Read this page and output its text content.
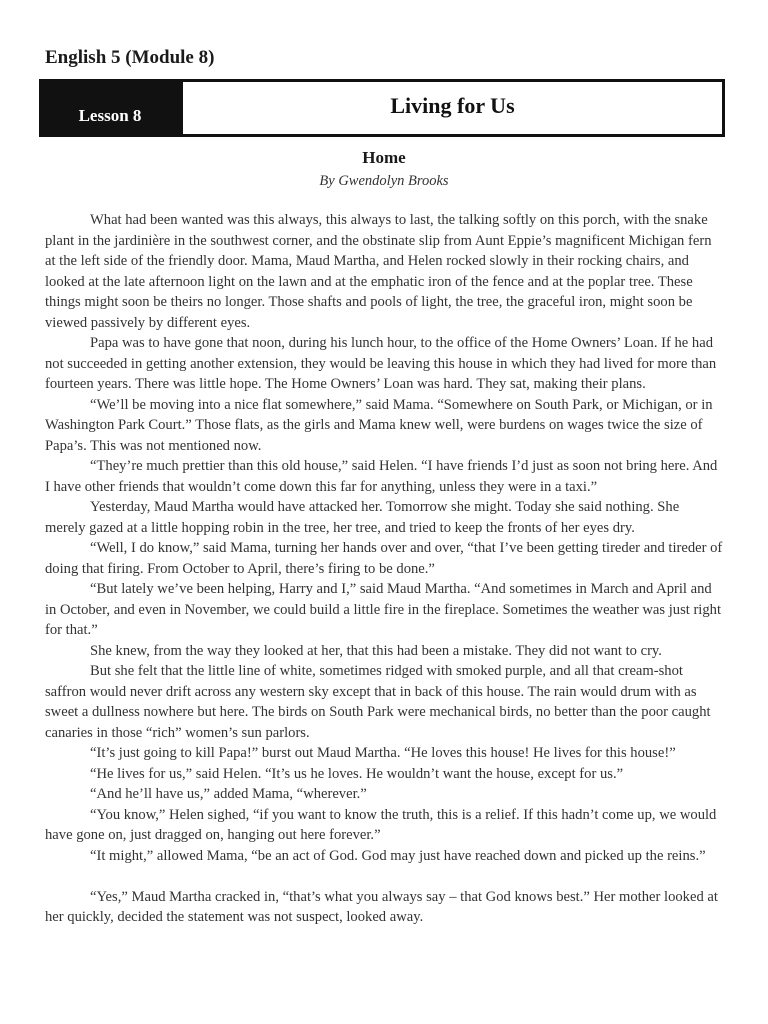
English 5 (Module 8)
Lesson 8	Living for Us
Home
By Gwendolyn Brooks

What had been wanted was this always, this always to last, the talking softly on this porch, with the snake plant in the jardinière in the southwest corner, and the obstinate slip from Aunt Eppie’s magnificent Michigan fern at the left side of the friendly door. Mama, Maud Martha, and Helen rocked slowly in their rocking chairs, and looked at the late afternoon light on the lawn and at the emphatic iron of the fence and at the poplar tree. These things might soon be theirs no longer. Those shafts and pools of light, the tree, the graceful iron, might soon be viewed passively by different eyes.

Papa was to have gone that noon, during his lunch hour, to the office of the Home Owners’ Loan. If he had not succeeded in getting another extension, they would be leaving this house in which they had lived for more than fourteen years. There was little hope. The Home Owners’ Loan was hard. They sat, making their plans.

“We’ll be moving into a nice flat somewhere,” said Mama. “Somewhere on South Park, or Michigan, or in Washington Park Court.” Those flats, as the girls and Mama knew well, were burdens on wages twice the size of Papa’s. This was not mentioned now.

“They’re much prettier than this old house,” said Helen. “I have friends I’d just as soon not bring here. And I have other friends that wouldn’t come down this far for anything, unless they were in a taxi.”

Yesterday, Maud Martha would have attacked her. Tomorrow she might. Today she said nothing. She merely gazed at a little hopping robin in the tree, her tree, and tried to keep the fronts of her eyes dry.

“Well, I do know,” said Mama, turning her hands over and over, “that I’ve been getting tireder and tireder of doing that firing. From October to April, there’s firing to be done.”

“But lately we’ve been helping, Harry and I,” said Maud Martha. “And sometimes in March and April and in October, and even in November, we could build a little fire in the fireplace. Sometimes the weather was just right for that.”

She knew, from the way they looked at her, that this had been a mistake. They did not want to cry.

But she felt that the little line of white, sometimes ridged with smoked purple, and all that cream-shot saffron would never drift across any western sky except that in back of this house. The rain would drum with as sweet a dullness nowhere but here. The birds on South Park were mechanical birds, no better than the poor caught canaries in those “rich” women’s sun parlors.

“It’s just going to kill Papa!” burst out Maud Martha. “He loves this house! He lives for this house!”

“He lives for us,” said Helen. “It’s us he loves. He wouldn’t want the house, except for us.”

“And he’ll have us,” added Mama, “wherever.”

“You know,” Helen sighed, “if you want to know the truth, this is a relief. If this hadn’t come up, we would have gone on, just dragged on, hanging out here forever.”

“It might,” allowed Mama, “be an act of God. God may just have reached down and picked up the reins.”

“Yes,” Maud Martha cracked in, “that’s what you always say – that God knows best.” Her mother looked at her quickly, decided the statement was not suspect, looked away.
